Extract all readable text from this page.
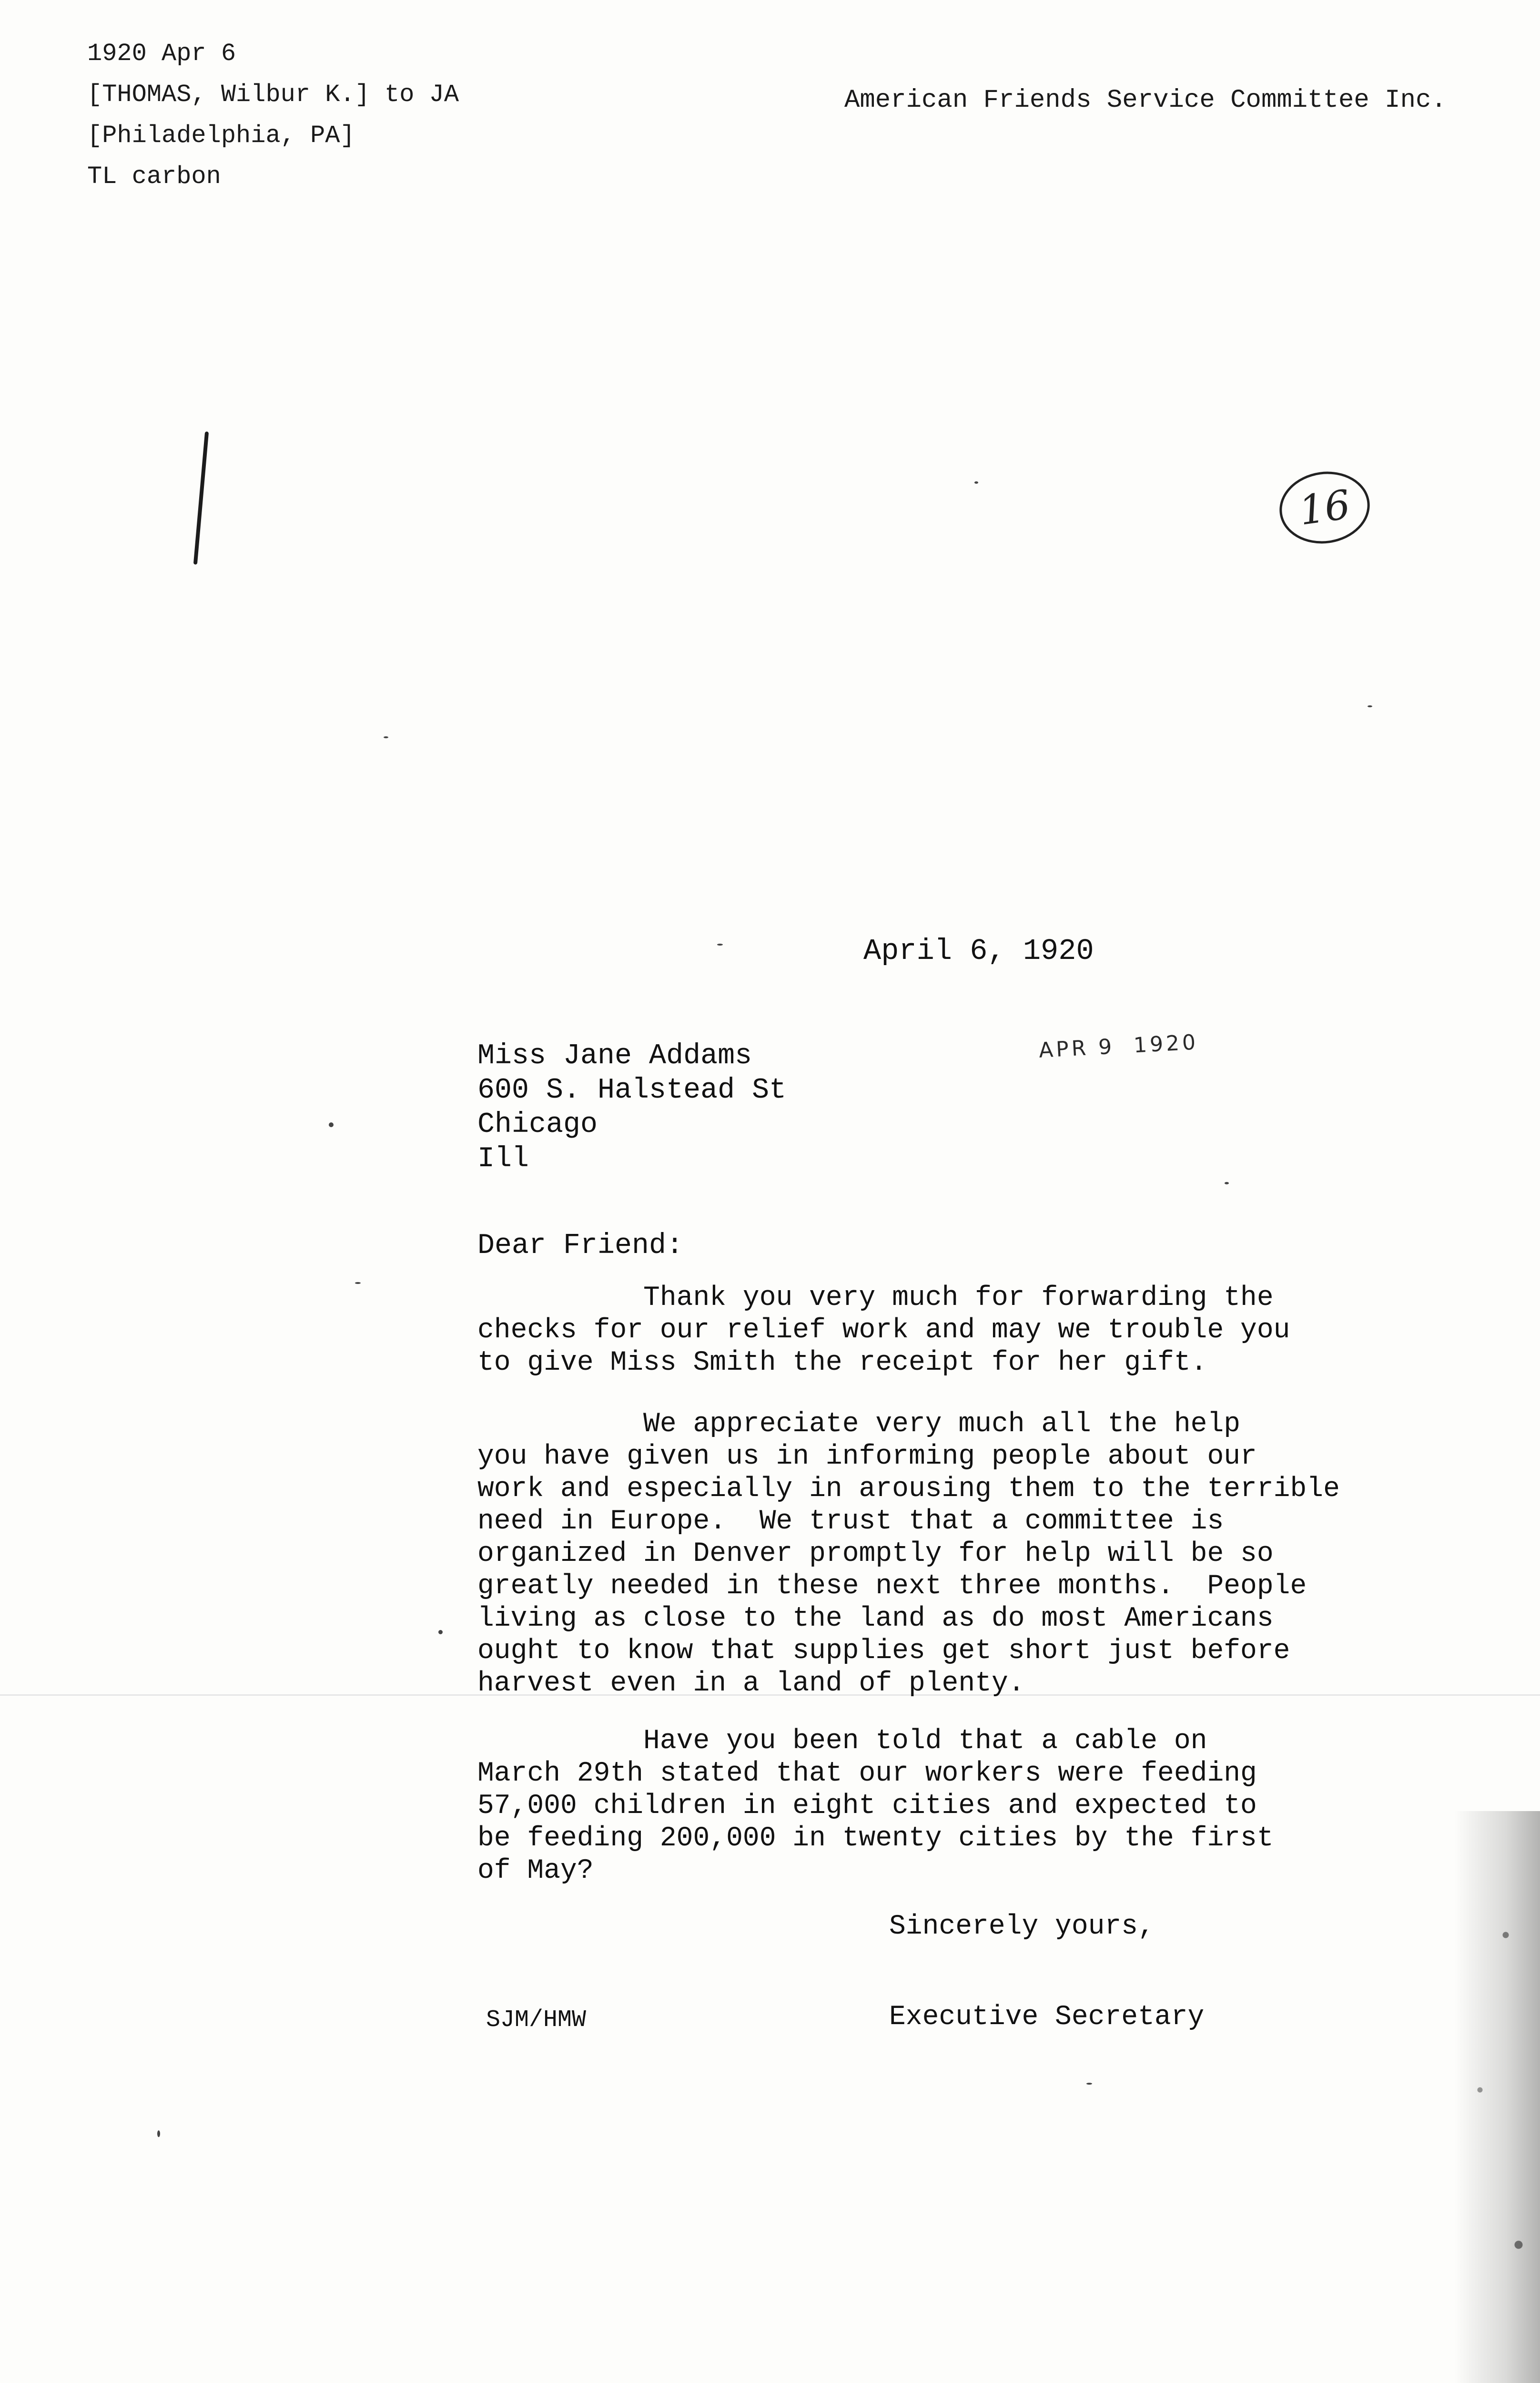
1920 Apr 6
[THOMAS, Wilbur K.] to JA
[Philadelphia, PA]
TL carbon
American Friends Service Committee Inc.
16
April 6, 1920
APR 9  1920
Miss Jane Addams
600 S. Halstead St
Chicago
Ill
Dear Friend:
Thank you very much for forwarding the
checks for our relief work and may we trouble you
to give Miss Smith the receipt for her gift.
We appreciate very much all the help
you have given us in informing people about our
work and especially in arousing them to the terrible
need in Europe.  We trust that a committee is
organized in Denver promptly for help will be so
greatly needed in these next three months.  People
living as close to the land as do most Americans
ought to know that supplies get short just before
harvest even in a land of plenty.
Have you been told that a cable on
March 29th stated that our workers were feeding
57,000 children in eight cities and expected to
be feeding 200,000 in twenty cities by the first
of May?
Sincerely yours,
Executive Secretary
SJM/HMW
